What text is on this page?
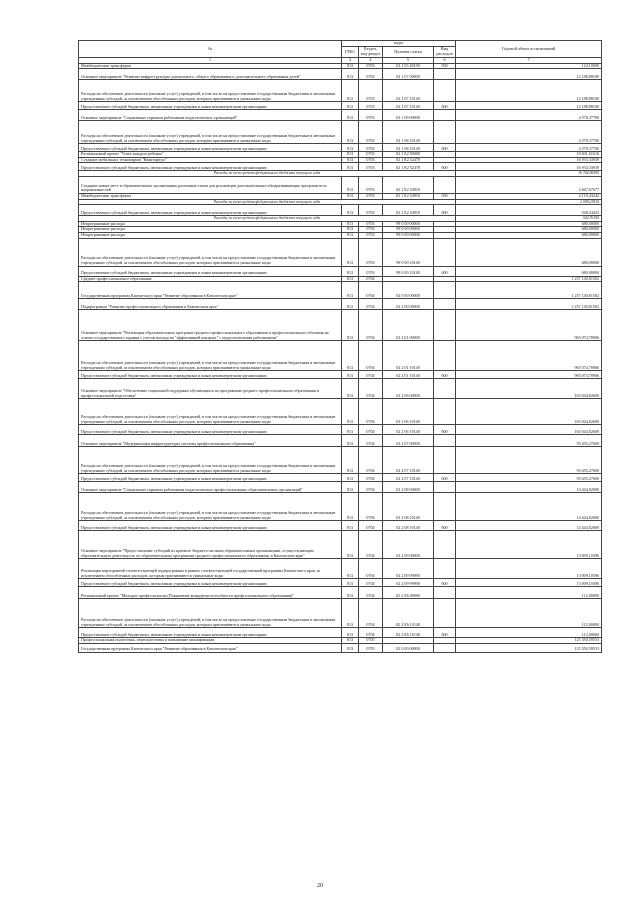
№	коды				Годовой объем ассигнований
	ГРБС	Раздел, под-раздел	Целевая статья	Вид расходов	
1	3	4	5	6	7
Межбюджетные трансферты	813	0703	02 1 03 40190	500	124,10000
Основное мероприятие "Развитие инфраструктуры дошкольного, общего образования и дополнительного образования детей"	813	0703	02 1 07 00000		12 188,88100
Расходы на обеспечение деятельности (оказание услуг) учреждений, в том числе на предоставление государственным бюджетным и автономным учреждениям субсидий, за исключением обособленных расходов, которым присваиваются уникальные коды	813	0703	02 1 07 10140		12 188,88100
Предоставление субсидий бюджетным, автономным учреждениям и иным некоммерческим организациям	813	0703	02 1 07 10140	600	12 188,88100
Основное мероприятие "Социальные гарантии работникам педагогических организаций"	813	0703	02 1 09 00000		4 578,37700
Расходы на обеспечение деятельности (оказание услуг) учреждений, в том числе на предоставление государственным бюджетным и автономным учреждениям субсидий, за исключением обособленных расходов, которым присваиваются уникальные коды	813	0703	02 1 08 10140		4 578,37700
Предоставление субсидий бюджетным, автономным учреждениям и иным некоммерческим организациям	813	0703	02 1 08 10140	600	4 578,37700
Региональный проект "Успех каждого ребенка"	813	0703	02 1 E2 00000		19 601,61616
Создание мобильных технопарков "Кванториум"	813	0703	02 1 E2 52470		16 933,33939
Предоставление субсидий бюджетным, автономным учреждениям и иным некоммерческим организациям	813	0703	02 1 E2 52470	600	16 933,33939
Расходы за счет средств федерального бюджета текущего года					16 764,00000
Создание новых мест в образовательных организациях различных типов для реализации дополнительных общеразвивающих программ всех направленностей	813	0703	02 1 E2 54910		2 667,67677
Межбюджетные трансферты	813	0703	02 1 E2 54910	500	2 119,43242
Расходы за счет средств федерального бюджета текущего года					2 098,23810
Предоставление субсидий бюджетным, автономным учреждениям и иным некоммерческим организациям	813	0703	02 1 E2 54910	600	548,24435
Расходы за счет средств федерального бюджета текущего года					542,76190
Непрограммные расходы	813	0703	99 0 00 00000		680,00000
Непрограммные расходы	813	0703	99 0 00 00000		680,00000
Непрограммные расходы	813	0703	99 0 00 00000		680,00000
Расходы на обеспечение деятельности (оказание услуг) учреждений, в том числе на предоставление государственным бюджетным и автономным учреждениям субсидий, за исключением обособленных расходов, которым присваиваются уникальные коды	813	0703	99 0 00 10140		680,00000
Предоставление субсидий бюджетным, автономным учреждениям и иным некоммерческим организациям	813	0703	99 0 00 10140	600	680,00000
Среднее профессиональное образование	813	0704			1 237 140,81502
Государственная программа Камчатского края "Развитие образования в Камчатском крае"	813	0704	02 0 00 00000		1 237 140,81502
Подпрограмма "Развитие профессионального образования в Камчатском крае"	813	0704	02 2 00 00000		1 237 140,81502
Основное мероприятие "Реализация образовательных программ среднего профессионального образования и профессионального обучения на основе государственного задания с учетом выхода на "эффективный контракт" с педагогическими работниками"	813	0704	02 2 01 00000		965 074,78906
Расходы на обеспечение деятельности (оказание услуг) учреждений, в том числе на предоставление государственным бюджетным и автономным учреждениям субсидий, за исключением обособленных расходов, которым присваиваются уникальные коды	813	0704	02 2 01 10140		965 074,78906
Предоставление субсидий бюджетным, автономным учреждениям и иным некоммерческим организациям	813	0704	02 2 01 10140	600	965 074,78906
Основное мероприятие "Обеспечение социальной поддержки обучающихся по программам среднего профессионального образования и профессиональной подготовки"	813	0704	02 2 06 00000		165 044,82600
Расходы на обеспечение деятельности (оказание услуг) учреждений, в том числе на предоставление государственным бюджетным и автономным учреждениям субсидий, за исключением обособленных расходов, которым присваиваются уникальные коды	813	0704	02 2 06 10140		165 044,82600
Предоставление субсидий бюджетным, автономным учреждениям и иным некоммерческим организациям	813	0704	02 2 06 10140	600	165 044,82600
Основное мероприятие "Модернизация инфраструктуры системы профессионального образования"	813	0704	02 2 07 00000		59 455,27600
Расходы на обеспечение деятельности (оказание услуг) учреждений, в том числе на предоставление государственным бюджетным и автономным учреждениям субсидий, за исключением обособленных расходов, которым присваиваются уникальные коды	813	0704	02 2 07 10140		59 455,27600
Предоставление субсидий бюджетным, автономным учреждениям и иным некоммерческим организациям	813	0704	02 2 07 10140	600	59 455,27600
Основное мероприятие "Социальные гарантии работникам педагогических профессиональных образовательных организаций"	813	0704	02 2 08 00000		14 444,82000
Расходы на обеспечение деятельности (оказание услуг) учреждений, в том числе на предоставление государственным бюджетным и автономным учреждениям субсидий, за исключением обособленных расходов, которым присваиваются уникальные коды	813	0704	02 2 08 10140		14 444,82000
Предоставление субсидий бюджетным, автономным учреждениям и иным некоммерческим организациям	813	0704	02 2 08 10140	600	14 444,82000
Основное мероприятие "Предоставление субсидий из краевого бюджета частным образовательным организациям, осуществляющим образовательную деятельность по образовательным программам среднего профессионального образования, в Камчатском крае"	813	0704	02 2 09 00000		13 009,10396
Реализация мероприятий соответствующей подпрограммы в рамках соответствующей государственной программы Камчатского края, за исключением обособленных расходов, которым присваиваются уникальные коды	813	0704	02 2 09 99990		13 009,10396
Предоставление субсидий бюджетным, автономным учреждениям и иным некоммерческим организациям	813	0704	02 2 09 99990	600	13 009,10396
Региональный проект "Молодые профессионалы (Повышение конкурентоспособности профессионального образования)"	813	0704	02 2 E6 00000		112,00000
Расходы на обеспечение деятельности (оказание услуг) учреждений, в том числе на предоставление государственным бюджетным и автономным учреждениям субсидий, за исключением обособленных расходов, которым присваиваются уникальные коды	813	0704	02 2 E6 10140		112,00000
Предоставление субсидий бюджетным, автономным учреждениям и иным некоммерческим организациям	813	0704	02 2 E6 10140	600	112,00000
Профессиональная подготовка, переподготовка и повышение квалификации	813	0705			125 350,59553
Государственная программа Камчатского края "Развитие образования в Камчатском крае"	813	0705	02 0 00 00000		125 350,59553
20
